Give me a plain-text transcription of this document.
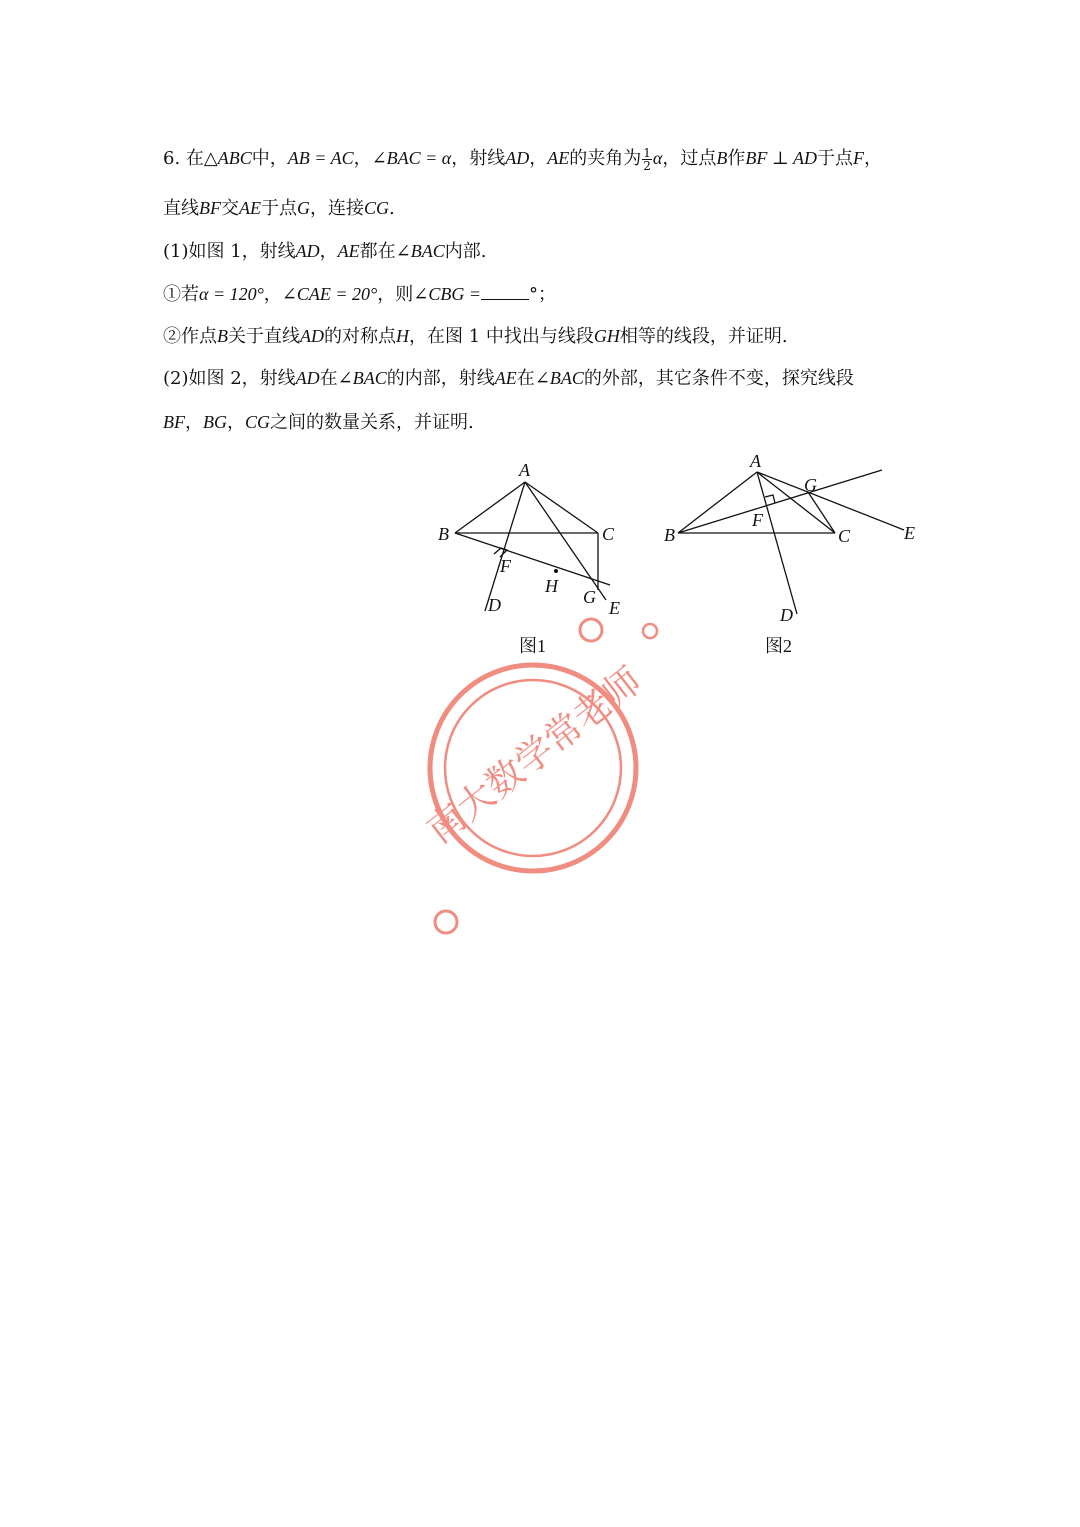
6. 在△ABC中，AB = AC，∠BAC = α，射线AD，AE的夹角为 $\frac{1}{2}$ α，过点B作BF ⊥ AD于点F，
直线BF交AE于点G，连接CG.
(1)如图 1，射线AD，AE都在∠BAC内部.
①若α = 120°，∠CAE = 20°，则∠CBG =	°；
②作点B关于直线AD的对称点H，在图 1 中找出与线段GH相等的线段，并证明.
(2)如图 2，射线AD在∠BAC的内部，射线AE在∠BAC的外部，其它条件不变，探究线段
BF，BG，CG之间的数量关系，并证明.
A
B	C
D	E
F
G
H
图1
A
B	C
D
E
F
G
图2
南大数学常老师
